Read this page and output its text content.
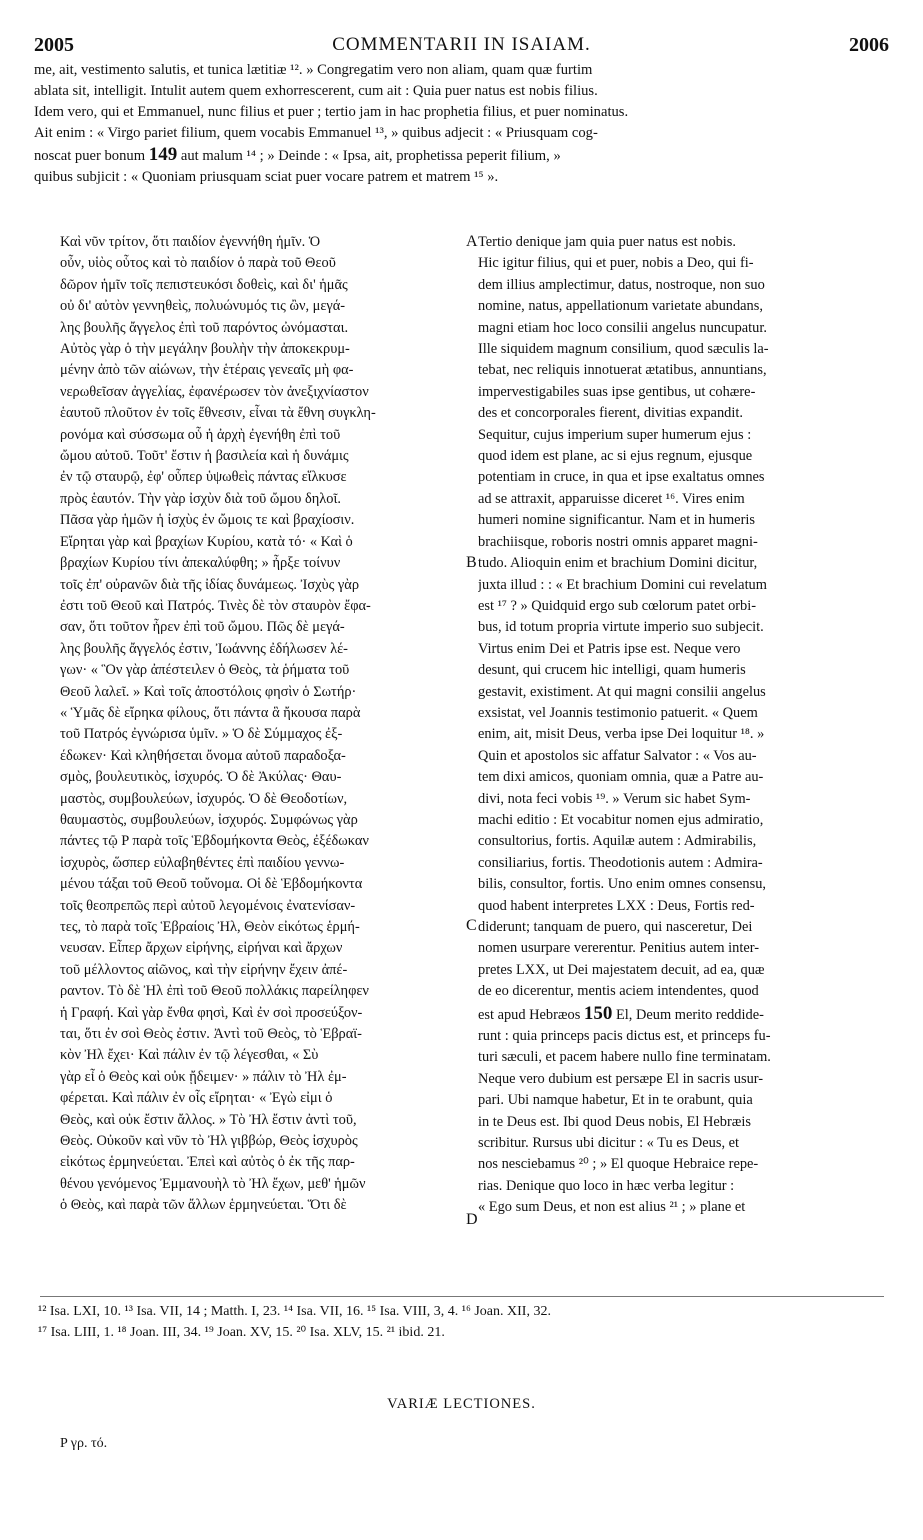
2005	COMMENTARII IN ISAIAM.	2006
me, ait, vestimento salutis, et tunica lætitiæ ¹². » Congregatim vero non aliam, quam quæ furtim
ablata sit, intelligit. Intulit autem quem exhorrescerent, cum ait : Quia puer natus est nobis filius.
Idem vero, qui et Emmanuel, nunc filius et puer ; tertio jam in hac prophetia filius, et puer nominatus.
Ait enim : « Virgo pariet filium, quem vocabis Emmanuel ¹³, » quibus adjecit : « Priusquam cog-
noscat puer bonum 149 aut malum ¹⁴ ; » Deinde : « Ipsa, ait, prophetissa peperit filium, »
quibus subjicit : « Quoniam priusquam sciat puer vocare patrem et matrem ¹⁵ ».
Καὶ νῦν τρίτον, ὅτι παιδίον ἐγεννήθη ἡμῖν. Ὁ
οὖν, υἱὸς οὗτος καὶ τὸ παιδίον ὁ παρὰ τοῦ Θεοῦ
δῶρον ἡμῖν τοῖς πεπιστευκόσι δοθεὶς, καὶ δι' ἡμᾶς
οὐ δι' αὐτὸν γεννηθεὶς, πολυώνυμός τις ὢν, μεγά-
λης βουλῆς ἄγγελος ἐπὶ τοῦ παρόντος ὠνόμασται.
Αὐτὸς γὰρ ὁ τὴν μεγάλην βουλὴν τὴν ἀποκεκρυμ-
μένην ἀπὸ τῶν αἰώνων, τὴν ἑτέραις γενεαῖς μὴ φα-
νερωθεῖσαν ἀγγελίας, ἐφανέρωσεν τὸν ἀνεξιχνίαστον
ἑαυτοῦ πλοῦτον ἐν τοῖς ἔθνεσιν, εἶναι τὰ ἔθνη συγκλη-
ρονόμα καὶ σύσσωμα οὗ ἡ ἀρχὴ ἐγενήθη ἐπὶ τοῦ
ὤμου αὐτοῦ. Τοῦτ' ἔστιν ἡ βασιλεία καὶ ἡ δυνάμις
ἐν τῷ σταυρῷ, ἐφ' οὗπερ ὑψωθεὶς πάντας εἵλκυσε
πρὸς ἑαυτόν. Τὴν γὰρ ἰσχὺν διὰ τοῦ ὤμου δηλοῖ.
Πᾶσα γὰρ ἡμῶν ἡ ἰσχὺς ἐν ὤμοις τε καὶ βραχίοσιν.
Εἴρηται γὰρ καὶ βραχίων Κυρίου, κατὰ τό· « Καὶ ὁ
βραχίων Κυρίου τίνι ἀπεκαλύφθη; » ἦρξε τοίνυν
τοῖς ἐπ' οὐρανῶν διὰ τῆς ἰδίας δυνάμεως. Ἰσχὺς γὰρ
ἐστι τοῦ Θεοῦ καὶ Πατρός. Τινὲς δὲ τὸν σταυρὸν ἔφα-
σαν, ὅτι τοῦτον ἦρεν ἐπὶ τοῦ ὤμου. Πῶς δὲ μεγά-
λης βουλῆς ἄγγελός ἐστιν, Ἰωάννης ἐδήλωσεν λέ-
γων· « Ὃν γὰρ ἀπέστειλεν ὁ Θεὸς, τὰ ῥήματα τοῦ
Θεοῦ λαλεῖ. » Καὶ τοῖς ἀποστόλοις φησὶν ὁ Σωτήρ·
« Ὑμᾶς δὲ εἴρηκα φίλους, ὅτι πάντα ἃ ἤκουσα παρὰ
τοῦ Πατρός ἐγνώρισα ὑμῖν. » Ὁ δὲ Σύμμαχος ἐξ-
έδωκεν· Καὶ κληθήσεται ὄνομα αὐτοῦ παραδοξα-
σμὸς, βουλευτικὸς, ἰσχυρός. Ὁ δὲ Ἀκύλας· Θαυ-
μαστὸς, συμβουλεύων, ἰσχυρός. Ὁ δὲ Θεοδοτίων,
θαυμαστὸς, συμβουλεύων, ἰσχυρός. Συμφώνως γὰρ
πάντες τῷ P παρὰ τοῖς Ἑβδομήκοντα Θεὸς, ἐξέδωκαν
ἰσχυρὸς, ὥσπερ εὐλαβηθέντες ἐπὶ παιδίου γεννω-
μένου τάξαι τοῦ Θεοῦ τοὔνομα. Οἱ δὲ Ἑβδομήκοντα
τοῖς θεοπρεπῶς περὶ αὐτοῦ λεγομένοις ἐνατενίσαν-
τες, τὸ παρὰ τοῖς Ἑβραίοις Ἠλ, Θεὸν εἰκότως ἑρμή-
νευσαν. Εἶπερ ἄρχων εἰρήνης, εἰρήναι καὶ ἄρχων
τοῦ μέλλοντος αἰῶνος, καὶ τὴν εἰρήνην ἔχειν ἀπέ-
ραντον. Τὸ δὲ Ἠλ ἐπὶ τοῦ Θεοῦ πολλάκις παρείληφεν
ἡ Γραφή. Καὶ γὰρ ἔνθα φησὶ, Καὶ ἐν σοὶ προσεύξον-
ται, ὅτι ἐν σοὶ Θεὸς ἐστιν. Ἀντὶ τοῦ Θεὸς, τὸ Ἑβραϊ-
κὸν Ἠλ ἔχει· Καὶ πάλιν ἐν τῷ λέγεσθαι, « Σὺ
γὰρ εἶ ὁ Θεὸς καὶ οὐκ ᾔδειμεν· » πάλιν τὸ Ἠλ ἐμ-
φέρεται. Καὶ πάλιν ἐν οἷς εἴρηται· « Ἐγὼ εἰμι ὁ
Θεὸς, καὶ οὐκ ἔστιν ἄλλος. » Τὸ Ἠλ ἔστιν ἀντὶ τοῦ,
Θεὸς. Οὐκοῦν καὶ νῦν τὸ Ἠλ γιββώρ, Θεὸς ἰσχυρὸς
εἰκότως ἑρμηνεύεται. Ἐπεὶ καὶ αὐτὸς ὁ ἐκ τῆς παρ-
θένου γενόμενος Ἐμμανουὴλ τὸ Ἠλ ἔχων, μεθ' ἡμῶν
ὁ Θεὸς, καὶ παρὰ τῶν ἄλλων ἑρμηνεύεται. Ὅτι δὲ
Tertio denique jam quia puer natus est nobis.
Hic igitur filius, qui et puer, nobis a Deo, qui fi-
dem illius amplectimur, datus, nostroque, non suo
nomine, natus, appellationum varietate abundans,
magni etiam hoc loco consilii angelus nuncupatur.
Ille siquidem magnum consilium, quod sæculis la-
tebat, nec reliquis innotuerat ætatibus, annuntians,
impervestigabiles suas ipse gentibus, ut cohære-
des et concorporales fierent, divitias expandit.
Sequitur, cujus imperium super humerum ejus :
quod idem est plane, ac si ejus regnum, ejusque
potentiam in cruce, in qua et ipse exaltatus omnes
ad se attraxit, apparuisse diceret ¹⁶. Vires enim
humeri nomine significantur. Nam et in humeris
brachiisque, roboris nostri omnis apparet magni-
tudo. Alioquin enim et brachium Domini dicitur,
juxta illud : : « Et brachium Domini cui revelatum
est ¹⁷ ? » Quidquid ergo sub cœlorum patet orbi-
bus, id totum propria virtute imperio suo subjecit.
Virtus enim Dei et Patris ipse est. Neque vero
desunt, qui crucem hic intelligi, quam humeris
gestavit, existiment. At qui magni consilii angelus
exsistat, vel Joannis testimonio patuerit. « Quem
enim, ait, misit Deus, verba ipse Dei loquitur ¹⁸. »
Quin et apostolos sic affatur Salvator : « Vos au-
tem dixi amicos, quoniam omnia, quæ a Patre au-
divi, nota feci vobis ¹⁹. » Verum sic habet Sym-
machi editio : Et vocabitur nomen ejus admiratio,
consultorius, fortis. Aquilæ autem : Admirabilis,
consiliarius, fortis. Theodotionis autem : Admira-
bilis, consultor, fortis. Uno enim omnes consensu,
quod habent interpretes LXX : Deus, Fortis red-
diderunt; tanquam de puero, qui nasceretur, Dei
nomen usurpare vererentur. Penitius autem inter-
pretes LXX, ut Dei majestatem decuit, ad ea, quæ
de eo dicerentur, mentis aciem intendentes, quod
est apud Hebræos 150 El, Deum merito reddide-
runt : quia princeps pacis dictus est, et princeps fu-
turi sæculi, et pacem habere nullo fine terminatam.
Neque vero dubium est persæpe El in sacris usur-
pari. Ubi namque habetur, Et in te orabunt, quia
in te Deus est. Ibi quod Deus nobis, El Hebræis
scribitur. Rursus ubi dicitur : « Tu es Deus, et
nos nesciebamus ²⁰ ; » El quoque Hebraice repe-
rias. Denique quo loco in hæc verba legitur :
« Ego sum Deus, et non est alius ²¹ ; » plane et
A
B
C
D
¹² Isa. LXI, 10. ¹³ Isa. VII, 14 ; Matth. I, 23. ¹⁴ Isa. VII, 16. ¹⁵ Isa. VIII, 3, 4. ¹⁶ Joan. XII, 32.
¹⁷ Isa. LIII, 1. ¹⁸ Joan. III, 34. ¹⁹ Joan. XV, 15. ²⁰ Isa. XLV, 15. ²¹ ibid. 21.
VARIÆ LECTIONES.
P γρ. τό.
